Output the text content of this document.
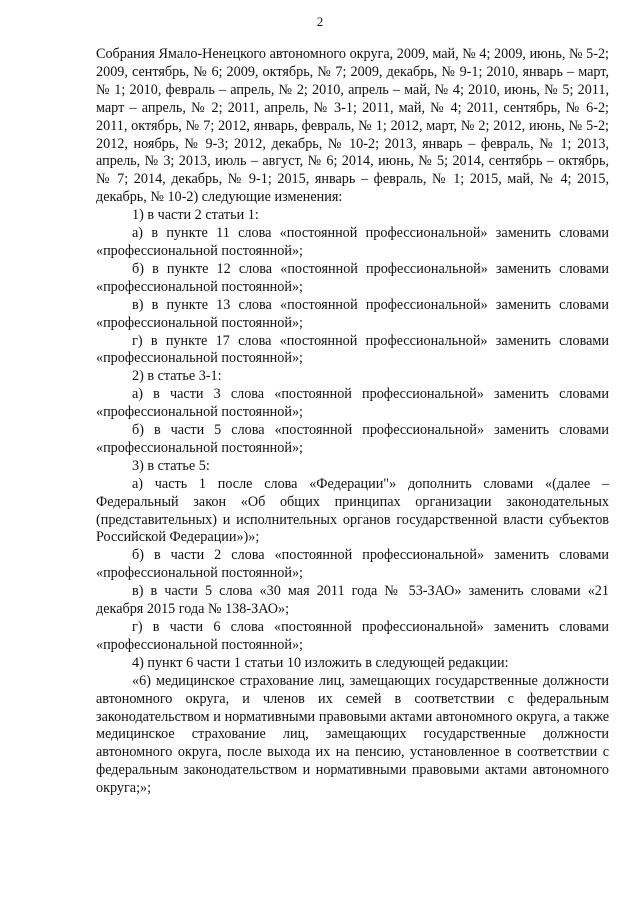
2

Собрания Ямало-Ненецкого автономного округа, 2009, май, № 4; 2009, июнь, № 5-2; 2009, сентябрь, № 6; 2009, октябрь, № 7; 2009, декабрь, № 9-1; 2010, январь – март, № 1; 2010, февраль – апрель, № 2; 2010, апрель – май, № 4; 2010, июнь, № 5; 2011, март – апрель, № 2; 2011, апрель, № 3-1; 2011, май, № 4; 2011, сентябрь, № 6-2; 2011, октябрь, № 7; 2012, январь, февраль, № 1; 2012, март, № 2; 2012, июнь, № 5-2; 2012, ноябрь, № 9-3; 2012, декабрь, № 10-2; 2013, январь – февраль, № 1; 2013, апрель, № 3; 2013, июль – август, № 6; 2014, июнь, № 5; 2014, сентябрь – октябрь, № 7; 2014, декабрь, № 9-1; 2015, январь – февраль, № 1; 2015, май, № 4; 2015, декабрь, № 10-2) следующие изменения:

1) в части 2 статьи 1:

а) в пункте 11 слова «постоянной профессиональной» заменить словами «профессиональной постоянной»;

б) в пункте 12 слова «постоянной профессиональной» заменить словами «профессиональной постоянной»;

в) в пункте 13 слова «постоянной профессиональной» заменить словами «профессиональной постоянной»;

г) в пункте 17 слова «постоянной профессиональной» заменить словами «профессиональной постоянной»;

2) в статье 3-1:

а) в части 3 слова «постоянной профессиональной» заменить словами «профессиональной постоянной»;

б) в части 5 слова «постоянной профессиональной» заменить словами «профессиональной постоянной»;

3) в статье 5:

а) часть 1 после слова «Федерации"» дополнить словами «(далее – Федеральный закон «Об общих принципах организации законодательных (представительных) и исполнительных органов государственной власти субъектов Российской Федерации»)»;

б) в части 2 слова «постоянной профессиональной» заменить словами «профессиональной постоянной»;

в) в части 5 слова «30 мая 2011 года № 53-ЗАО» заменить словами «21 декабря 2015 года № 138-ЗАО»;

г) в части 6 слова «постоянной профессиональной» заменить словами «профессиональной постоянной»;

4) пункт 6 части 1 статьи 10 изложить в следующей редакции:

«6) медицинское страхование лиц, замещающих государственные должности автономного округа, и членов их семей в соответствии с федеральным законодательством и нормативными правовыми актами автономного округа, а также медицинское страхование лиц, замещающих государственные должности автономного округа, после выхода их на пенсию, установленное в соответствии с федеральным законодательством и нормативными правовыми актами автономного округа;»;
